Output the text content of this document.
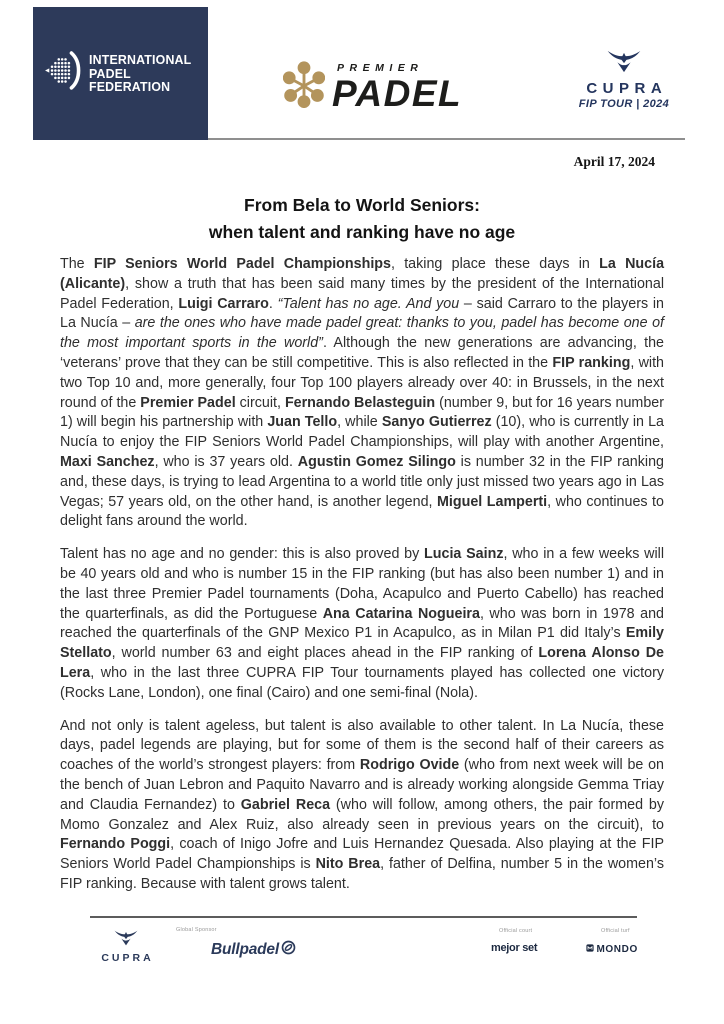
INTERNATIONAL
PADEL
FEDERATION
PREMIER
PADEL	CUPRA
FIP TOUR | 2024
April 17, 2024
From Bela to World Seniors:
when talent and ranking have no age

The FIP Seniors World Padel Championships, taking place these days in La Nucía (Alicante), show a truth that has been said many times by the president of the International Padel Federation, Luigi Carraro. “Talent has no age. And you – said Carraro to the players in La Nucía – are the ones who have made padel great: thanks to you, padel has become one of the most important sports in the world”. Although the new generations are advancing, the ‘veterans’ prove that they can be still competitive. This is also reflected in the FIP ranking, with two Top 10 and, more generally, four Top 100 players already over 40: in Brussels, in the next round of the Premier Padel circuit, Fernando Belasteguin (number 9, but for 16 years number 1) will begin his partnership with Juan Tello, while Sanyo Gutierrez (10), who is currently in La Nucía to enjoy the FIP Seniors World Padel Championships, will play with another Argentine, Maxi Sanchez, who is 37 years old. Agustin Gomez Silingo is number 32 in the FIP ranking and, these days, is trying to lead Argentina to a world title only just missed two years ago in Las Vegas; 57 years old, on the other hand, is another legend, Miguel Lamperti, who continues to delight fans around the world.

Talent has no age and no gender: this is also proved by Lucia Sainz, who in a few weeks will be 40 years old and who is number 15 in the FIP ranking (but has also been number 1) and in the last three Premier Padel tournaments (Doha, Acapulco and Puerto Cabello) has reached the quarterfinals, as did the Portuguese Ana Catarina Nogueira, who was born in 1978 and reached the quarterfinals of the GNP Mexico P1 in Acapulco, as in Milan P1 did Italy’s Emily Stellato, world number 63 and eight places ahead in the FIP ranking of Lorena Alonso De Lera, who in the last three CUPRA FIP Tour tournaments played has collected one victory (Rocks Lane, London), one final (Cairo) and one semi-final (Nola).

And not only is talent ageless, but talent is also available to other talent. In La Nucía, these days, padel legends are playing, but for some of them is the second half of their careers as coaches of the world’s strongest players: from Rodrigo Ovide (who from next week will be on the bench of Juan Lebron and Paquito Navarro and is already working alongside Gemma Triay and Claudia Fernandez) to Gabriel Reca (who will follow, among others, the pair formed by Momo Gonzalez and Alex Ruiz, also already seen in previous years on the circuit), to Fernando Poggi, coach of Inigo Jofre and Luis Hernandez Quesada. Also playing at the FIP Seniors World Padel Championships is Nito Brea, father of Delfina, number 5 in the women’s FIP ranking. Because with talent grows talent.

CUPRA
Global Sponsor
Bullpadel
Official court
mejor set
Official turf
MONDO
